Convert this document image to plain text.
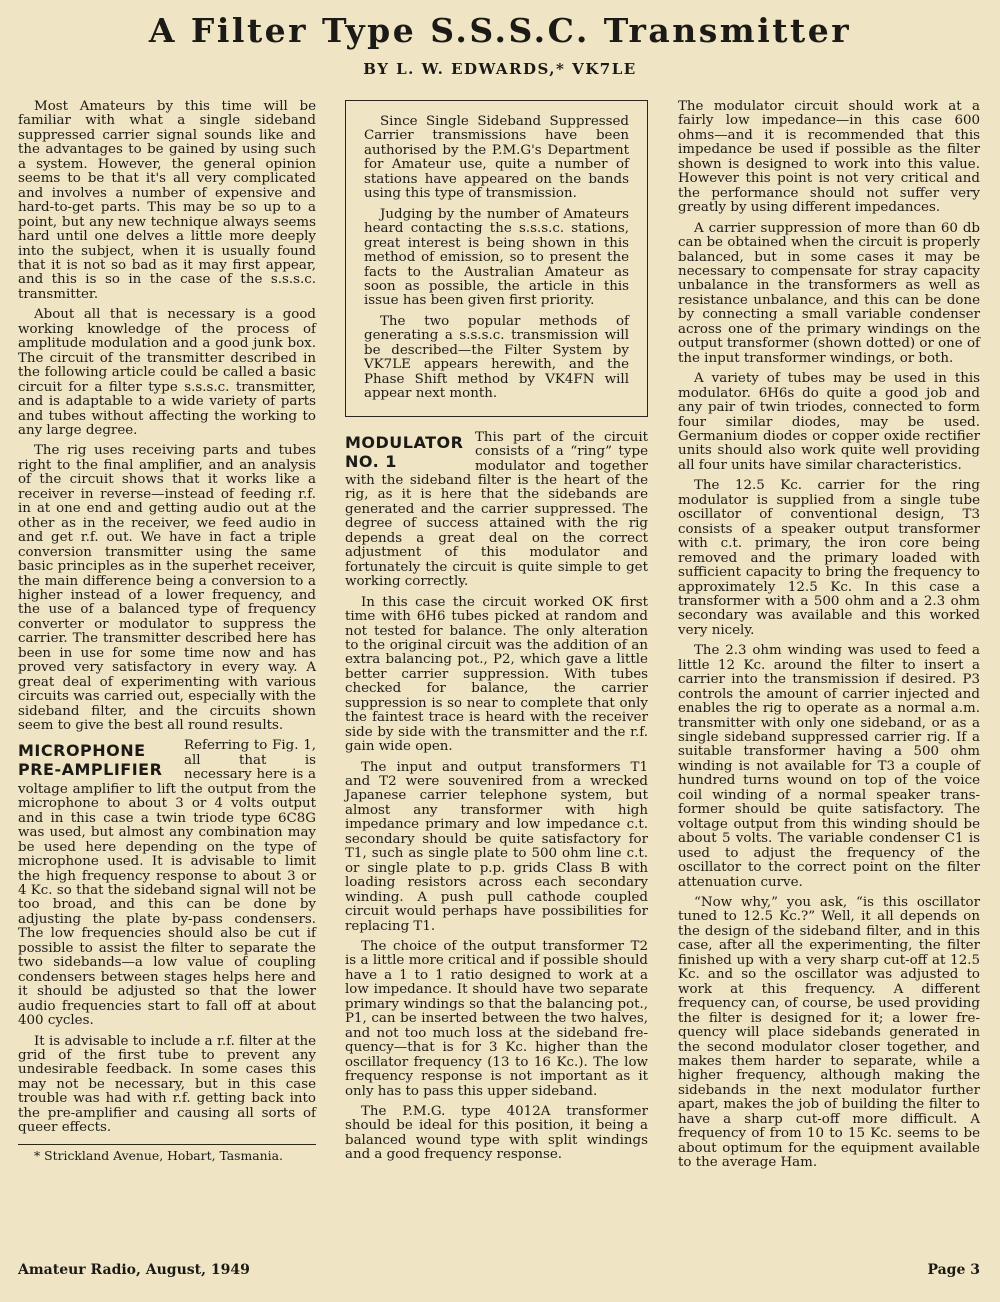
A Filter Type S.S.S.C. Transmitter

BY L. W. EDWARDS,* VK7LE

Most Amateurs by this time will be familiar with what a single sideband suppressed carrier signal sounds like and the advantages to be gained by using such a system. However, the general opinion seems to be that it's all very complicated and involves a number of expensive and hard-to-get parts. This may be so up to a point, but any new technique always seems hard until one delves a little more deeply into the subject, when it is usually found that it is not so bad as it may first appear, and this is so in the case of the s.s.s.c. transmitter.

About all that is necessary is a good working knowledge of the process of amplitude modulation and a good junk box. The circuit of the transmitter described in the following article could be called a basic circuit for a filter type s.s.s.c. transmitter, and is adaptable to a wide variety of parts and tubes without affecting the working to any large degree.

The rig uses receiving parts and tubes right to the final amplifier, and an analysis of the circuit shows that it works like a receiver in reverse—instead of feeding r.f. in at one end and getting audio out at the other as in the receiver, we feed audio in and get r.f. out. We have in fact a triple conversion transmitter using the same basic principles as in the superhet receiver, the main difference being a conversion to a higher instead of a lower frequency, and the use of a balanced type of frequency converter or modulator to suppress the carrier. The transmitter described here has been in use for some time now and has proved very satisfactory in every way. A great deal of experimenting with various circuits was carried out, especially with the sideband filter, and the circuits shown seem to give the best all round results.

MICROPHONE PRE-AMPLIFIER

Referring to Fig. 1, all that is necessary here is a voltage amplifier to lift the output from the microphone to about 3 or 4 volts output and in this case a twin triode type 6C8G was used, but almost any combination may be used here depending on the type of microphone used. It is advisable to limit the high frequency response to about 3 or 4 Kc. so that the sideband signal will not be too broad, and this can be done by adjusting the plate by-pass condensers. The low frequencies should also be cut if possible to assist the filter to separate the two sidebands—a low value of coupling condensers between stages helps here and it should be adjusted so that the lower audio frequencies start to fall off at about 400 cycles.

It is advisable to include a r.f. filter at the grid of the first tube to prevent any undesirable feedback. In some cases this may not be necessary, but in this case trouble was had with r.f. getting back into the pre-amplifier and causing all sorts of queer effects.

* Strickland Avenue, Hobart, Tasmania.

Since Single Sideband Suppressed Carrier transmissions have been authorised by the P.M.G's Department for Amateur use, quite a number of stations have appeared on the bands using this type of transmission.

Judging by the number of Amateurs heard contacting the s.s.s.c. stations, great interest is being shown in this method of emission, so to present the facts to the Australian Amateur as soon as possible, the article in this issue has been given first priority.

The two popular methods of generating a s.s.s.c. transmission will be described—the Filter System by VK7LE appears herewith, and the Phase Shift method by VK4FN will appear next month.

MODULATOR NO. 1

This part of the circuit consists of a “ring” type modulator and together with the sideband filter is the heart of the rig, as it is here that the sidebands are generated and the carrier suppressed. The degree of success attained with the rig depends a great deal on the correct adjustment of this modulator and fortunately the circuit is quite simple to get working correctly.

In this case the circuit worked OK first time with 6H6 tubes picked at random and not tested for balance. The only alteration to the original circuit was the addition of an extra balancing pot., P2, which gave a little better carrier suppression. With tubes checked for balance, the carrier suppression is so near to complete that only the faintest trace is heard with the receiver side by side with the transmitter and the r.f. gain wide open.

The input and output transformers T1 and T2 were souvenired from a wrecked Japanese carrier telephone system, but almost any transformer with high impedance primary and low impedance c.t. secondary should be quite satisfactory for T1, such as single plate to 500 ohm line c.t. or single plate to p.p. grids Class B with loading resistors across each secondary winding. A push pull cathode coupled circuit would perhaps have possibilities for replacing T1.

The choice of the output transformer T2 is a little more critical and if possible should have a 1 to 1 ratio designed to work at a low impedance. It should have two separate primary windings so that the balancing pot., P1, can be inserted between the two halves, and not too much loss at the sideband frequency—that is for 3 Kc. higher than the oscillator frequency (13 to 16 Kc.). The low frequency response is not important as it only has to pass this upper sideband.

The P.M.G. type 4012A transformer should be ideal for this position, it being a balanced wound type with split windings and a good frequency response.

The modulator circuit should work at a fairly low impedance—in this case 600 ohms—and it is recommended that this impedance be used if possible as the filter shown is designed to work into this value. However this point is not very critical and the performance should not suffer very greatly by using different impedances.

A carrier suppression of more than 60 db can be obtained when the circuit is properly balanced, but in some cases it may be necessary to compensate for stray capacity unbalance in the transformers as well as resistance unbalance, and this can be done by connecting a small variable condenser across one of the primary windings on the output transformer (shown dotted) or one of the input transformer windings, or both.

A variety of tubes may be used in this modulator. 6H6s do quite a good job and any pair of twin triodes, connected to form four similar diodes, may be used. Germanium diodes or copper oxide rectifier units should also work quite well providing all four units have similar characteristics.

The 12.5 Kc. carrier for the ring modulator is supplied from a single tube oscillator of conventional design, T3 consists of a speaker output transformer with c.t. primary, the iron core being removed and the primary loaded with sufficient capacity to bring the frequency to approximately 12.5 Kc. In this case a transformer with a 500 ohm and a 2.3 ohm secondary was available and this worked very nicely.

The 2.3 ohm winding was used to feed a little 12 Kc. around the filter to insert a carrier into the transmission if desired. P3 controls the amount of carrier injected and enables the rig to operate as a normal a.m. transmitter with only one sideband, or as a single sideband suppressed carrier rig. If a suitable transformer having a 500 ohm winding is not available for T3 a couple of hundred turns wound on top of the voice coil winding of a normal speaker transformer should be quite satisfactory. The voltage output from this winding should be about 5 volts. The variable condenser C1 is used to adjust the frequency of the oscillator to the correct point on the filter attenuation curve.

“Now why,” you ask, “is this oscillator tuned to 12.5 Kc.?” Well, it all depends on the design of the sideband filter, and in this case, after all the experimenting, the filter finished up with a very sharp cut-off at 12.5 Kc. and so the oscillator was adjusted to work at this frequency. A different frequency can, of course, be used providing the filter is designed for it; a lower frequency will place sidebands generated in the second modulator closer together, and makes them harder to separate, while a higher frequency, although making the sidebands in the next modulator further apart, makes the job of building the filter to have a sharp cut-off more difficult. A frequency of from 10 to 15 Kc. seems to be about optimum for the equipment available to the average Ham.

Amateur Radio, August, 1949	Page 3
